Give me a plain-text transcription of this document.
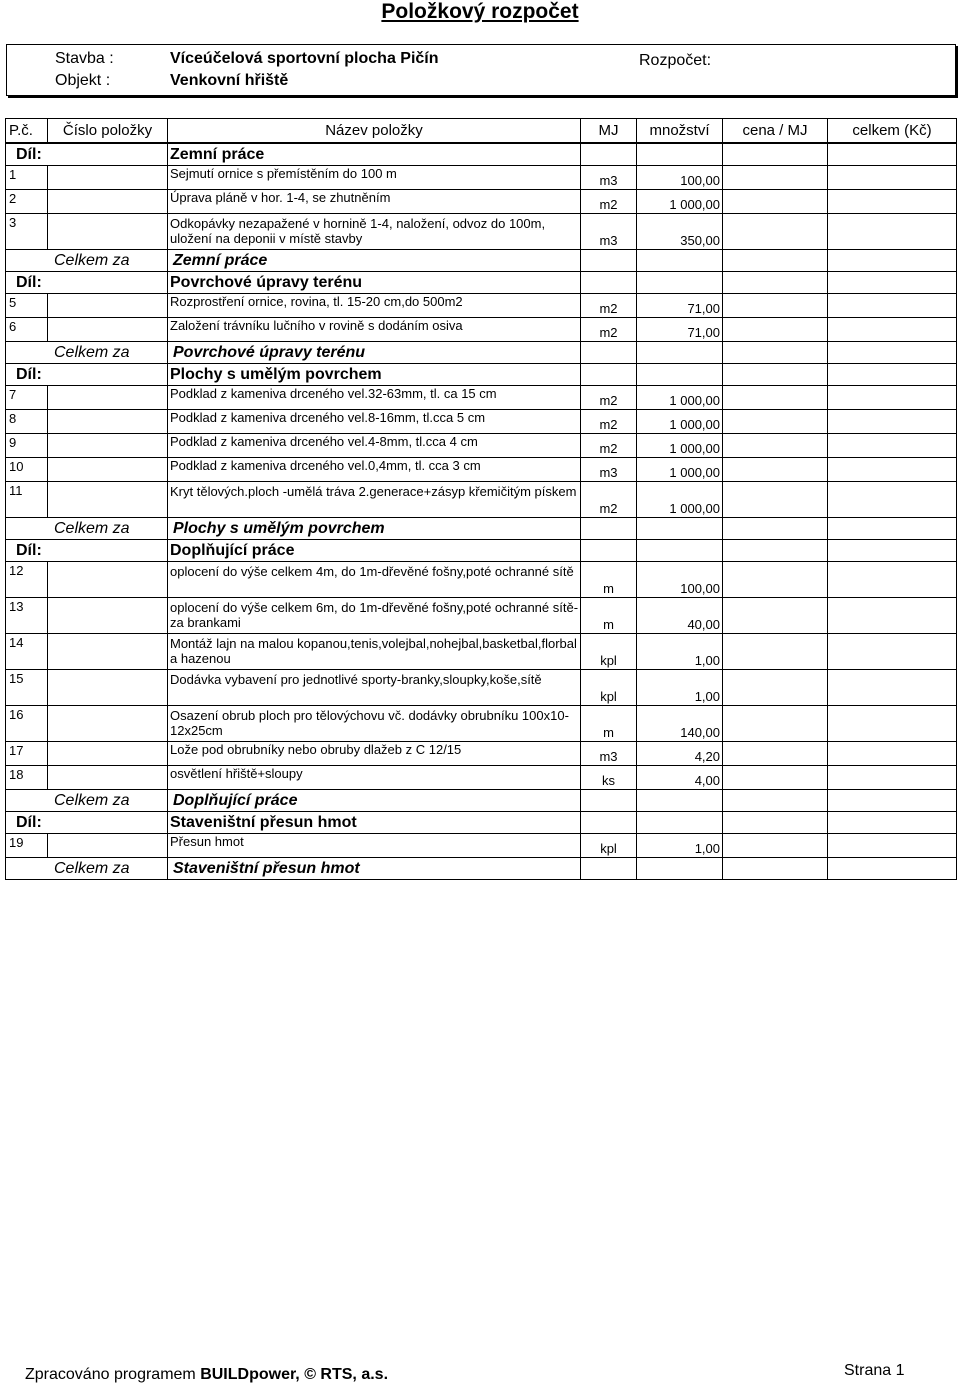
Položkový rozpočet
Stavba :	Víceúčelová sportovní plocha Pičín
Objekt :	Venkovní hřiště
Rozpočet:
P.č.	Číslo položky	Název položky	MJ	množství	cena / MJ	celkem (Kč)
Díl:		Zemní práce				
1		Sejmutí ornice s přemístěním do 100 m	m3	100,00		
2		Úprava pláně v hor. 1-4, se zhutněním	m2	1 000,00		
3		Odkopávky nezapažené v hornině 1-4, naložení, odvoz do 100m, uložení na deponii v místě stavby	m3	350,00		
Celkem za		Zemní práce				
Díl:		Povrchové úpravy terénu				
5		Rozprostření ornice, rovina, tl. 15-20 cm,do 500m2	m2	71,00		
6		Založení trávníku lučního v rovině s dodáním osiva	m2	71,00		
Celkem za		Povrchové úpravy terénu				
Díl:		Plochy s umělým povrchem				
7		Podklad z kameniva drceného vel.32-63mm, tl. ca 15 cm	m2	1 000,00		
8		Podklad z kameniva drceného vel.8-16mm, tl.cca 5 cm	m2	1 000,00		
9		Podklad z kameniva drceného vel.4-8mm, tl.cca 4 cm	m2	1 000,00		
10		Podklad z kameniva drceného vel.0,4mm, tl. cca 3 cm	m3	1 000,00		
11		Kryt tělových.ploch -umělá tráva 2.generace+zásyp křemičitým pískem	m2	1 000,00		
Celkem za		Plochy s umělým povrchem				
Díl:		Doplňující práce				
12		oplocení do výše celkem 4m, do 1m-dřevěné fošny,poté ochranné sítě	m	100,00		
13		oplocení do výše celkem 6m, do 1m-dřevěné fošny,poté ochranné sítě-za brankami	m	40,00		
14		Montáž lajn na malou kopanou,tenis,volejbal,nohejbal,basketbal,florbal a hazenou	kpl	1,00		
15		Dodávka vybavení pro jednotlivé sporty-branky,sloupky,koše,sítě	kpl	1,00		
16		Osazení obrub ploch pro tělovýchovu vč. dodávky obrubníku 100x10-12x25cm	m	140,00		
17		Lože pod obrubníky nebo obruby dlažeb z C 12/15	m3	4,20		
18		osvětlení hřiště+sloupy	ks	4,00		
Celkem za		Doplňující práce				
Díl:		Staveništní přesun hmot				
19		Přesun hmot	kpl	1,00		
Celkem za		Staveništní přesun hmot				
Zpracováno programem BUILDpower, © RTS, a.s.	Strana 1
